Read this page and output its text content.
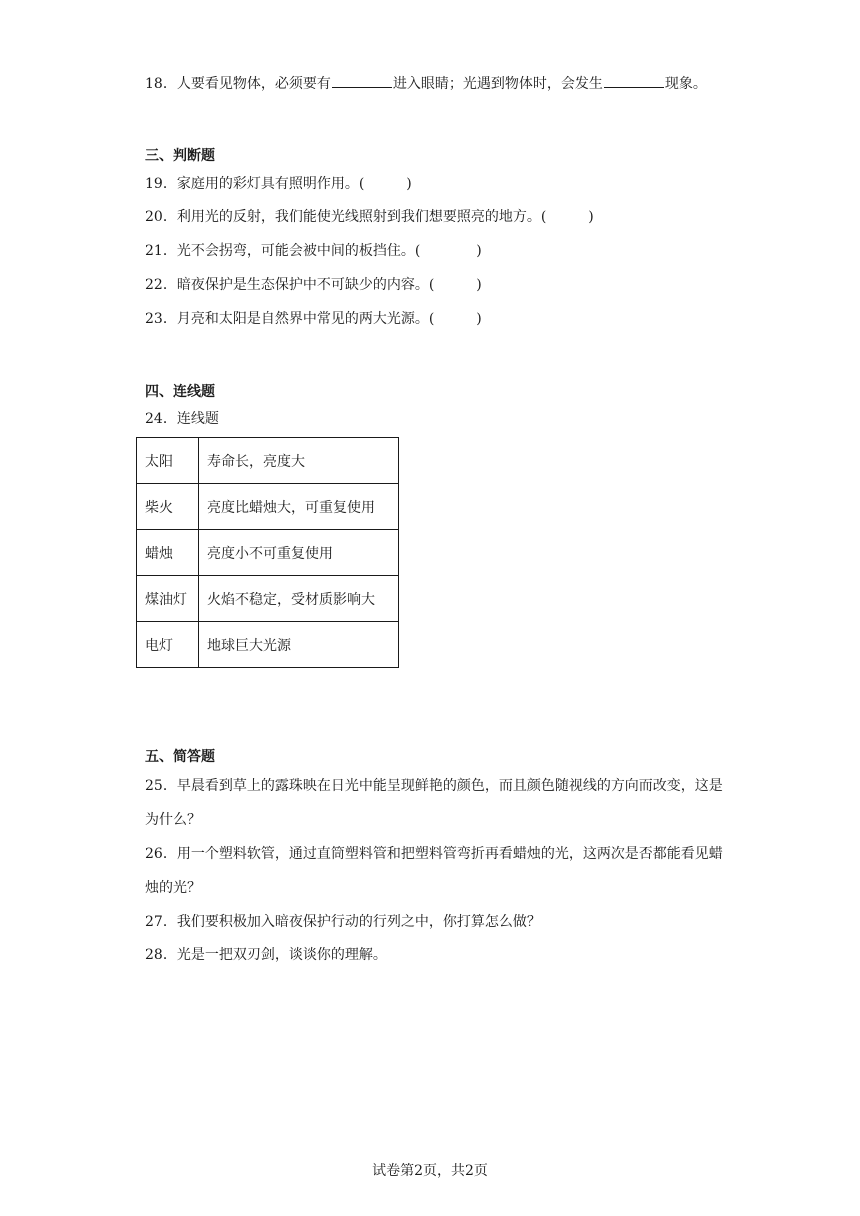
18．人要看见物体，必须要有	进入眼睛；光遇到物体时，会发生	现象。
三、判断题
19．家庭用的彩灯具有照明作用。(	)
20．利用光的反射，我们能使光线照射到我们想要照亮的地方。(	)
21．光不会拐弯，可能会被中间的板挡住。(	)
22．暗夜保护是生态保护中不可缺少的内容。(	)
23．月亮和太阳是自然界中常见的两大光源。(	)
四、连线题
24．连线题
太阳	寿命长，亮度大
柴火	亮度比蜡烛大，可重复使用
蜡烛	亮度小不可重复使用
煤油灯	火焰不稳定，受材质影响大
电灯	地球巨大光源
五、简答题
25．早晨看到草上的露珠映在日光中能呈现鲜艳的颜色，而且颜色随视线的方向而改变，这是为什么？
26．用一个塑料软管，通过直筒塑料管和把塑料管弯折再看蜡烛的光，这两次是否都能看见蜡烛的光？
27．我们要积极加入暗夜保护行动的行列之中，你打算怎么做？
28．光是一把双刃剑，谈谈你的理解。
试卷第2页，共2页
